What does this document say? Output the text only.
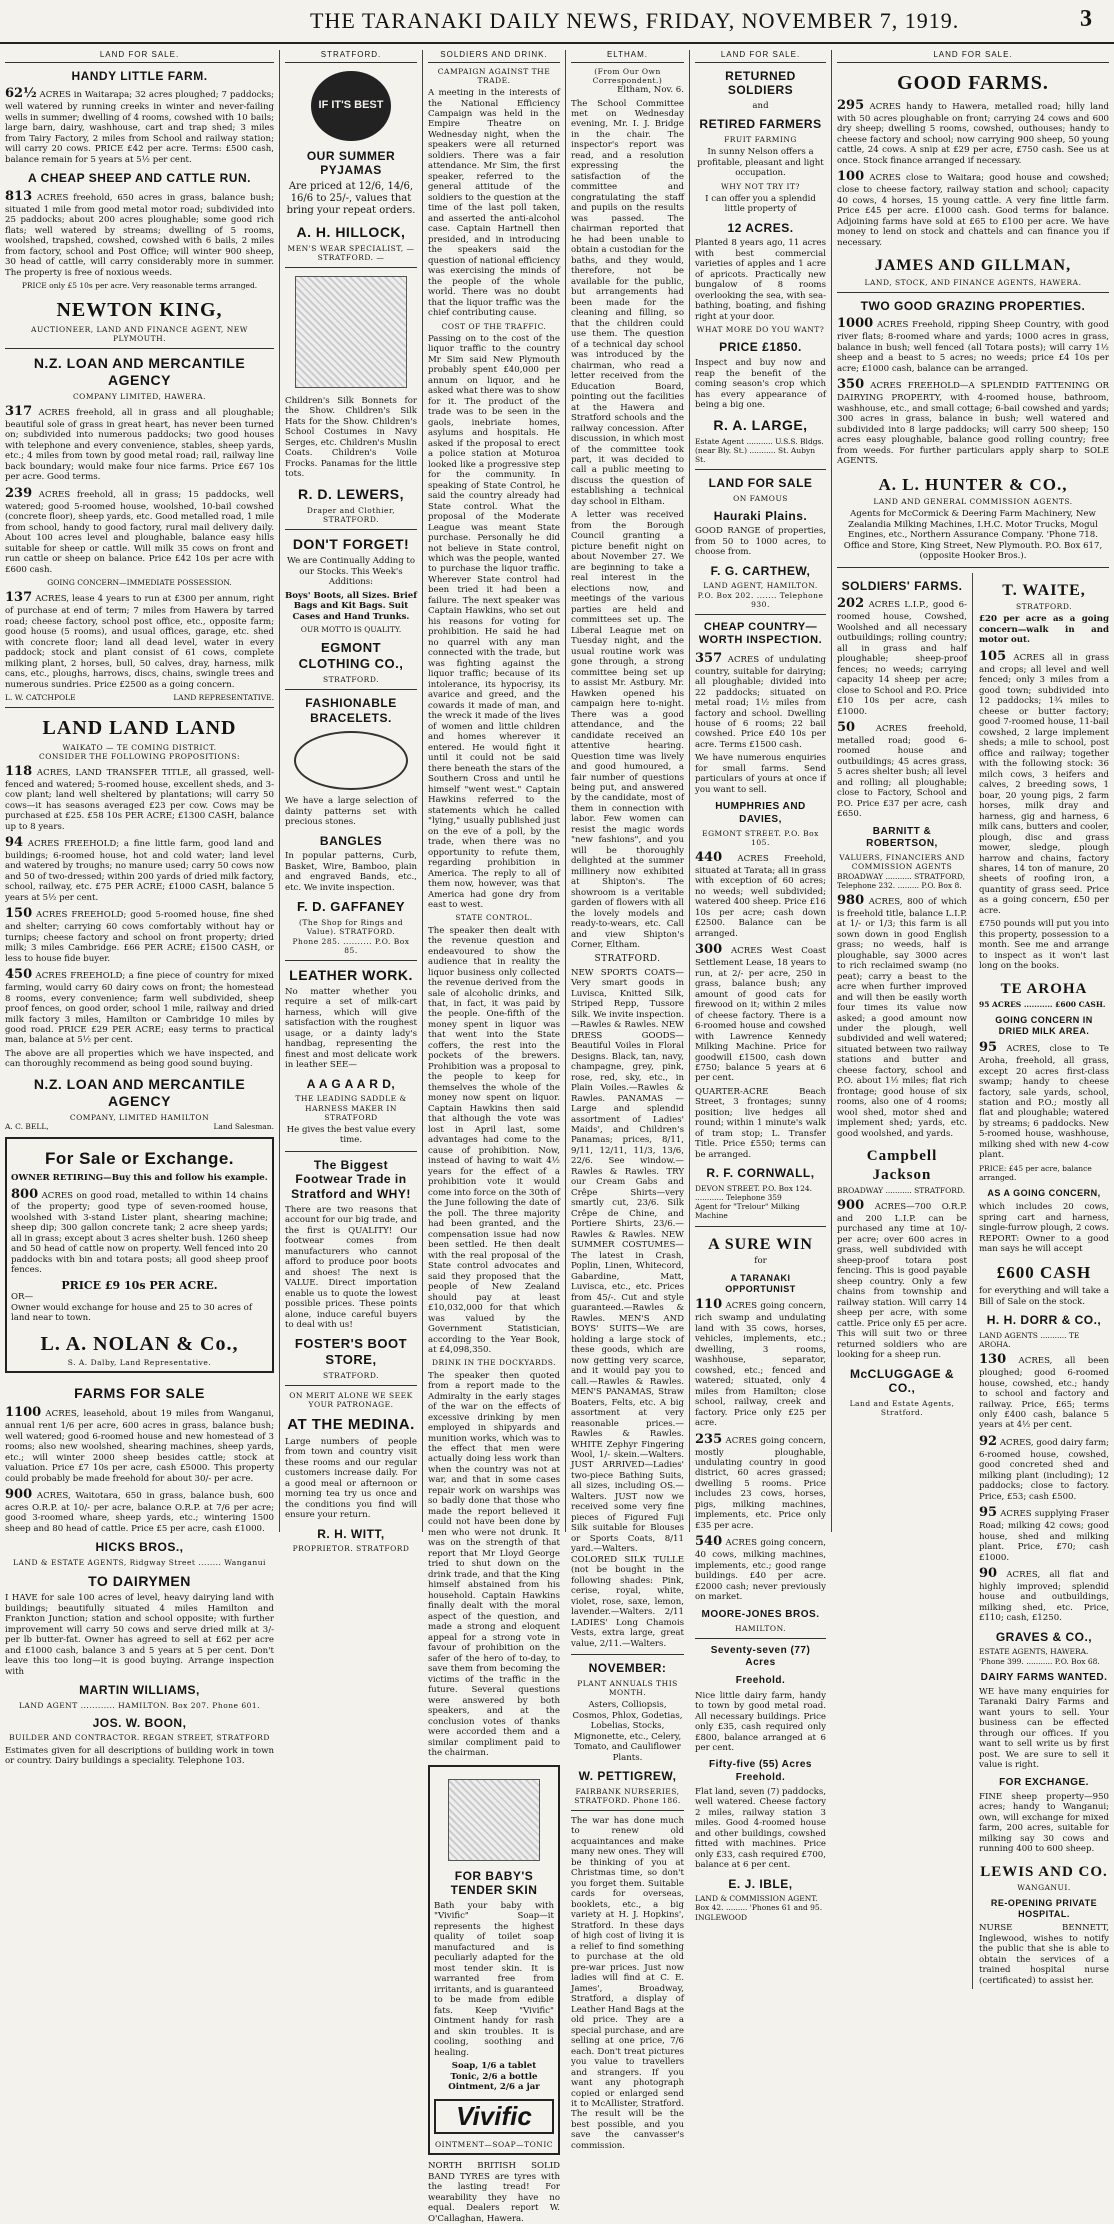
THE TARANAKI DAILY NEWS, FRIDAY, NOVEMBER 7, 1919.	3
LAND FOR SALE.
HANDY LITTLE FARM.
62½ ACRES in Waitarapa; 32 acres ploughed; 7 paddocks; well watered by running creeks in winter and never-failing wells in summer; dwelling of 4 rooms, cowshed with 10 bails; large barn, dairy, washhouse, cart and trap shed; 3 miles from Tairy Factory, 2 miles from School and railway station; will carry 20 cows. PRICE £42 per acre. Terms: £500 cash, balance remain for 5 years at 5½ per cent.
A CHEAP SHEEP AND CATTLE RUN.
813 ACRES freehold, 650 acres in grass, balance bush; situated 1 mile from good metal motor road; subdivided into 25 paddocks; about 200 acres ploughable; some good rich flats; well watered by streams; dwelling of 5 rooms, woolshed, trapshed, cowshed, cowshed with 6 bails, 2 miles from factory, school and Post Office; will winter 900 sheep, 30 head of cattle, will carry considerably more in summer. The property is free of noxious weeds.
PRICE only £5 10s per acre. Very reasonable terms arranged.
NEWTON KING,
AUCTIONEER, LAND AND FINANCE AGENT, NEW PLYMOUTH.
N.Z. LOAN AND MERCANTILE AGENCY
COMPANY LIMITED, HAWERA.
317 ACRES freehold, all in grass and all ploughable; beautiful sole of grass in great heart, has never been turned on; subdivided into numerous paddocks; two good houses with telephone and every convenience, stables, sheep yards, etc.; 4 miles from town by good metal road; rail, railway line back boundary; would make four nice farms. Price £67 10s per acre. Good terms.
239 ACRES freehold, all in grass; 15 paddocks, well watered; good 5-roomed house, woolshed, 10-bail cowshed (concrete floor), sheep yards, etc. Good metalled road, 1 mile from school, handy to good factory, rural mail delivery daily. About 100 acres level and ploughable, balance easy hills suitable for sheep or cattle. Will milk 35 cows on front and run cattle or sheep on balance. Price £42 10s per acre with £600 cash.
GOING CONCERN—IMMEDIATE POSSESSION.
137 ACRES, lease 4 years to run at £300 per annum, right of purchase at end of term; 7 miles from Hawera by tarred road; cheese factory, school post office, etc., opposite farm; good house (5 rooms), and usual offices, garage, etc. shed with concrete floor; land all dead level, water in every paddock; stock and plant consist of 61 cows, complete milking plant, 2 horses, bull, 50 calves, dray, harness, milk cans, etc., ploughs, harrows, discs, chains, swingle trees and numerous sundries. Price £2500 as a going concern.
L. W. CATCHPOLE	LAND REPRESENTATIVE.
LAND LAND LAND
WAIKATO — TE COMING DISTRICT.
CONSIDER THE FOLLOWING PROPOSITIONS:
118 ACRES, LAND TRANSFER TITLE, all grassed, well-fenced and watered; 5-roomed house, excellent sheds, and 3-cow plant; land well sheltered by plantations; will carry 50 cows—it has seasons averaged £23 per cow. Cows may be purchased at £25. £58 10s PER ACRE; £1300 CASH, balance up to 8 years.
94 ACRES FREEHOLD; a fine little farm, good land and buildings; 6-roomed house, hot and cold water; land level and watered by troughs; no manure used; carry 50 cows now and 50 of two-dressed; within 200 yards of dried milk factory, school, railway, etc. £75 PER ACRE; £1000 CASH, balance 5 years at 5½ per cent.
150 ACRES FREEHOLD; good 5-roomed house, fine shed and shelter; carrying 60 cows comfortably without hay or turnips; cheese factory and school on front property; dried milk; 3 miles Cambridge. £66 PER ACRE; £1500 CASH, or less to house fide buyer.
450 ACRES FREEHOLD; a fine piece of country for mixed farming, would carry 60 dairy cows on front; the homestead 8 rooms, every convenience; farm well subdivided, sheep proof fences, on good order, school 1 mile, railway and dried milk factory 3 miles, Hamilton or Cambridge 10 miles by good road. PRICE £29 PER ACRE; easy terms to practical man, balance at 5½ per cent.
The above are all properties which we have inspected, and can thoroughly recommend as being good sound buying.
N.Z. LOAN AND MERCANTILE AGENCY
COMPANY, LIMITED HAMILTON
A. C. BELL,	Land Salesman.
For Sale or Exchange.
OWNER RETIRING—Buy this and follow his example.
800 ACRES on good road, metalled to within 14 chains of the property; good type of seven-roomed house, woolshed with 3-stand Lister plant, shearing machine; sheep dip; 300 gallon concrete tank; 2 acre sheep yards; all in grass; except about 3 acres shelter bush. 1260 sheep and 50 head of cattle now on property. Well fenced into 20 paddocks with bin and totara posts; all good sheep proof fences.
PRICE £9 10s PER ACRE.
OR—
Owner would exchange for house and 25 to 30 acres of land near to town.
L. A. NOLAN & Co.,
S. A. Dalby, Land Representative.
FARMS FOR SALE
1100 ACRES, leasehold, about 19 miles from Wanganui, annual rent 1/6 per acre, 600 acres in grass, balance bush; well watered; good 6-roomed house and new homestead of 3 rooms; also new woolshed, shearing machines, sheep yards, etc.; will winter 2000 sheep besides cattle; stock at valuation. Price £7 10s per acre, cash £5000. This property could probably be made freehold for about 30/- per acre.
900 ACRES, Waitotara, 650 in grass, balance bush, 600 acres O.R.P. at 10/- per acre, balance O.R.P. at 7/6 per acre; good 3-roomed whare, sheep yards, etc.; wintering 1500 sheep and 80 head of cattle. Price £5 per acre, cash £1000.
HICKS BROS.,
LAND & ESTATE AGENTS, Ridgway Street ........ Wanganui
TO DAIRYMEN
I HAVE for sale 100 acres of level, heavy dairying land with buildings; beautifully situated 4 miles Hamilton and Frankton Junction; station and school opposite; with further improvement will carry 50 cows and serve dried milk at 3/- per lb butter-fat. Owner has agreed to sell at £62 per acre and £1000 cash, balance 3 and 5 years at 5 per cent. Don't leave this too long—it is good buying. Arrange inspection with
MARTIN WILLIAMS,
LAND AGENT ............ HAMILTON. Box 207. Phone 601.
JOS. W. BOON,
BUILDER AND CONTRACTOR. REGAN STREET, STRATFORD
Estimates given for all descriptions of building work in town or country. Dairy buildings a speciality. Telephone 103.
STRATFORD.
IF IT'S BEST
OUR SUMMER PYJAMAS
Are priced at 12/6, 14/6, 16/6 to 25/-, values that bring your repeat orders.
A. H. HILLOCK,
MEN'S WEAR SPECIALIST, — STRATFORD. —
Children's Silk Bonnets for the Show. Children's Silk Hats for the Show. Children's School Costumes in Navy Serges, etc. Children's Muslin Coats. Children's Voile Frocks. Panamas for the little tots.
R. D. LEWERS,
Draper and Clothier, STRATFORD.
DON'T FORGET!
We are Continually Adding to our Stocks. This Week's Additions:
Boys' Boots, all Sizes. Brief Bags and Kit Bags. Suit Cases and Hand Trunks.
OUR MOTTO IS QUALITY.
EGMONT CLOTHING CO.,
STRATFORD.
FASHIONABLE BRACELETS.
We have a large selection of dainty patterns set with precious stones.
BANGLES
In popular patterns, Curb, Basket, Wire, Bamboo, plain and engraved Bands, etc., etc. We invite inspection.
F. D. GAFFANEY
(The Shop for Rings and Value). STRATFORD.
Phone 285. .......... P.O. Box 85.
LEATHER WORK.
No matter whether you require a set of milk-cart harness, which will give satisfaction with the roughest usage, or a dainty lady's handbag, representing the finest and most delicate work in leather SEE—
A A G A A R D,
THE LEADING SADDLE & HARNESS MAKER IN STRATFORD
He gives the best value every time.
The Biggest Footwear Trade in Stratford and WHY!
There are two reasons that account for our big trade, and the first is QUALITY! Our footwear comes from manufacturers who cannot afford to produce poor boots and shoes! The next is VALUE. Direct importation enable us to quote the lowest possible prices. These points alone, induce careful buyers to deal with us!
FOSTER'S BOOT STORE,
STRATFORD.
ON MERIT ALONE WE SEEK YOUR PATRONAGE.
AT THE MEDINA.
Large numbers of people from town and country visit these rooms and our regular customers increase daily. For a good meal or afternoon or morning tea try us once and the conditions you find will ensure your return.
R. H. WITT,
PROPRIETOR. STRATFORD
SOLDIERS AND DRINK.
CAMPAIGN AGAINST THE TRADE.
A meeting in the interests of the National Efficiency Campaign was held in the Empire Theatre on Wednesday night, when the speakers were all returned soldiers. There was a fair attendance. Mr Sim, the first speaker, referred to the general attitude of the soldiers to the question at the time of the last poll taken, and asserted the anti-alcohol case. Captain Hartnell then presided, and in introducing the speakers said the question of national efficiency was exercising the minds of the people of the whole world. There was no doubt that the liquor traffic was the chief contributing cause.
COST OF THE TRAFFIC.
Passing on to the cost of the liquor traffic to the country Mr Sim said New Plymouth probably spent £40,000 per annum on liquor, and he asked what there was to show for it. The product of the trade was to be seen in the gaols, inebriate homes, asylums and hospitals. He asked if the proposal to erect a police station at Moturoa looked like a progressive step for the community. In speaking of State Control, he said the country already had State control. What the proposal of the Moderate League was meant State purchase. Personally he did not believe in State control, which was the people, wanted to purchase the liquor traffic. Wherever State control had been tried it had been a failure. The next speaker was Captain Hawkins, who set out his reasons for voting for prohibition. He said he had no quarrel with any man connected with the trade, but was fighting against the liquor traffic; because of its intolerance, its hypocrisy, its avarice and greed, and the cowards it made of man, and the wreck it made of the lives of women and little children and homes wherever it entered. He would fight it until it could not be said there beneath the stars of the Southern Cross and until he himself "went west." Captain Hawkins referred to the statements which he called "lying," usually published just on the eve of a poll, by the trade, when there was no opportunity to refute them, regarding prohibition in America. The reply to all of them now, however, was that America had gone dry from east to west.
STATE CONTROL.
The speaker then dealt with the revenue question and endeavoured to show the audience that in reality the liquor business only collected the revenue derived from the sale of alcoholic drinks, and that, in fact, it was paid by the people. One-fifth of the money spent in liquor was that went into the State coffers, the rest into the pockets of the brewers. Prohibition was a proposal to the people to keep for themselves the whole of the money now spent on liquor. Captain Hawkins then said that although the vote was lost in April last, some advantages had come to the cause of prohibition. Now, instead of having to wait 4½ years for the effect of a prohibition vote it would come into force on the 30th of the June following the date of the poll. The three majority had been granted, and the compensation issue had now been settled. He then dealt with the real proposal of the State control advocates and said they proposed that the people of New Zealand should pay at least £10,032,000 for that which was valued by the Government Statistician, according to the Year Book, at £4,098,350.
DRINK IN THE DOCKYARDS.
The speaker then quoted from a report made to the Admiralty in the early stages of the war on the effects of excessive drinking by men employed in shipyards and munition works, which was to the effect that men were actually doing less work than when the country was not at war, and that in some cases repair work on warships was so badly done that those who made the report believed it could not have been done by men who were not drunk. It was on the strength of that report that Mr Lloyd George tried to shut down on the drink trade, and that the King himself abstained from his household. Captain Hawkins finally dealt with the moral aspect of the question, and made a strong and eloquent appeal for a strong vote in favour of prohibition on the safer of the hero of to-day, to save them from becoming the victims of the traffic in the future. Several questions were answered by both speakers, and at the conclusion votes of thanks were accorded them and a similar compliment paid to the chairman.
FOR BABY'S TENDER SKIN
Bath your baby with "Vivific" Soap—it represents the highest quality of toilet soap manufactured and is peculiarly adapted for the most tender skin. It is warranted free from irritants, and is guaranteed to be made from edible fats. Keep "Vivific" Ointment handy for rash and skin troubles. It is cooling, soothing and healing.
Soap, 1/6 a tablet
Tonic, 2/6 a bottle
Ointment, 2/6 a jar
Vivific
OINTMENT—SOAP—TONIC
NORTH BRITISH SOLID BAND TYRES are tyres with the lasting tread! For wearability they have no equal. Dealers report W. O'Callaghan, Hawera.
ELTHAM.
(From Our Own Correspondent.)
Eltham, Nov. 6.
The School Committee met on Wednesday evening, Mr. I. J. Bridge in the chair. The inspector's report was read, and a resolution expressing the satisfaction of the committee and congratulating the staff and pupils on the results was passed. The chairman reported that he had been unable to obtain a custodian for the baths, and they would, therefore, not be available for the public, but arrangements had been made for the cleaning and filling, so that the children could use them. The question of a technical day school was introduced by the chairman, who read a letter received from the Education Board, pointing out the facilities at the Hawera and Stratford schools and the railway concession. After discussion, in which most of the committee took part, it was decided to call a public meeting to discuss the question of establishing a technical day school in Eltham.
A letter was received from the Borough Council granting a picture benefit night on about November 27. We are beginning to take a real interest in the elections now, and meetings of the various parties are held and committees set up. The Liberal League met on Tuesday night, and the usual routine work was gone through, a strong committee being set up to assist Mr. Astbury. Mr. Hawken opened his campaign here to-night. There was a good attendance, and the candidate received an attentive hearing. Question time was lively and good humoured, a fair number of questions being put, and answered by the candidate, most of them in connection with labor. Few women can resist the magic words "new fashions", and you will be thoroughly delighted at the summer millinery now exhibited at Shipton's. The showroom is a veritable garden of flowers with all the lovely models and ready-to-wears, etc. Call and view Shipton's Corner, Eltham.
STRATFORD.
NEW SPORTS COATS—Very smart goods in Luvisca, Knitted Silk, Striped Repp, Tussore Silk. We invite inspection.—Rawles & Rawles. NEW DRESS GOODS—Beautiful Voiles in Floral Designs. Black, tan, navy, champagne, grey, pink, rose, red, sky, etc., in Plain Voiles.—Rawles & Rawles. PANAMAS — Large and splendid assortment of Ladies' Maids', and Children's Panamas; prices, 8/11, 9/11, 12/11, 11/3, 13/6, 22/6. See window.—Rawles & Rawles. TRY our Cream Gabs and Crêpe Shirts—very smartly cut, 23/6. Silk Crêpe de Chine, and Portiere Shirts, 23/6.—Rawles & Rawles. NEW SUMMER COSTUMES—The latest in Crash, Poplin, Linen, Whitecord, Gabardine, Matt, Luvisca, etc., etc. Prices from 45/-. Cut and style guaranteed.—Rawles & Rawles. MEN'S AND BOYS' SUITS—We are holding a large stock of these goods, which are now getting very scarce, and it would pay you to call.—Rawles & Rawles. MEN'S PANAMAS, Straw Boaters, Felts, etc. A big assortment at very reasonable prices.—Rawles & Rawles. WHITE Zephyr Fingering Wool, 1/- skein.—Walters. JUST ARRIVED—Ladies' two-piece Bathing Suits, all sizes, including OS.—Walters. JUST now we received some very fine pieces of Figured Fuji Silk suitable for Blouses or Sports Coats, 8/11 yard.—Walters. COLORED SILK TULLE (not be bought in the following shades: Pink, cerise, royal, white, violet, rose, saxe, lemon, lavender.—Walters. 2/11 LADIES' Long Chamois Vests, extra large, great value, 2/11.—Walters.
NOVEMBER:
PLANT ANNUALS THIS MONTH.
Asters, Colliopsis, Cosmos, Phlox, Godetias, Lobelias, Stocks, Mignonette, etc., Celery, Tomato, and Cauliflower Plants.
W. PETTIGREW,
FAIRBANK NURSERIES, STRATFORD. Phone 186.
The war has done much to renew old acquaintances and make many new ones. They will be thinking of you at Christmas time, so don't you forget them. Suitable cards for overseas, booklets, etc., a big variety at H. J. Hopkins', Stratford. In these days of high cost of living it is a relief to find something to purchase at the old pre-war prices. Just now ladies will find at C. E. James', Broadway, Stratford, a display of Leather Hand Bags at the old price. They are a special purchase, and are selling at one price, 7/6 each. Don't treat pictures you value to travellers and strangers. If you want any photograph copied or enlarged send it to McAllister, Stratford. The result will be the best possible, and you save the canvasser's commission.
LAND FOR SALE.
RETURNED SOLDIERS
and
RETIRED FARMERS
FRUIT FARMING
In sunny Nelson offers a profitable, pleasant and light occupation.
WHY NOT TRY IT?
I can offer you a splendid little property of
12 ACRES.
Planted 8 years ago, 11 acres with best commercial varieties of apples and 1 acre of apricots. Practically new bungalow of 8 rooms overlooking the sea, with sea-bathing, boating, and fishing right at your door.
WHAT MORE DO YOU WANT?
PRICE £1850.
Inspect and buy now and reap the benefit of the coming season's crop which has every appearance of being a big one.
R. A. LARGE,
Estate Agent ........... U.S.S. Bldgs. (near Bly. St.) ........... St. Aubyn St.
LAND FOR SALE
ON FAMOUS
Hauraki Plains.
GOOD RANGE of properties, from 50 to 1000 acres, to choose from.
F. G. CARTHEW,
LAND AGENT, HAMILTON. P.O. Box 202. ....... Telephone 930.
CHEAP COUNTRY—WORTH INSPECTION.
357 ACRES of undulating country, suitable for dairying; all ploughable; divided into 22 paddocks; situated on metal road; 1½ miles from factory and school. Dwelling house of 6 rooms; 22 bail cowshed. Price £40 10s per acre. Terms £1500 cash.
We have numerous enquiries for small farms. Send particulars of yours at once if you want to sell.
HUMPHRIES AND DAVIES,
EGMONT STREET. P.O. Box 105.
440 ACRES Freehold, situated at Tarata; all in grass with exception of 60 acres; no weeds; well subdivided; watered 400 sheep. Price £16 10s per acre; cash down £2500. Balance can be arranged.
300 ACRES West Coast Settlement Lease, 18 years to run, at 2/- per acre, 250 in grass, balance bush; any amount of good cats for firewood on it; within 2 miles of cheese factory. There is a 6-roomed house and cowshed with Lawrence Kennedy Milking Machine. Price for goodwill £1500, cash down £750; balance 5 years at 6 per cent.
QUARTER-ACRE Beach Street, 3 frontages; sunny position; live hedges all round; within 1 minute's walk of tram stop; L. Transfer Title. Price £550; terms can be arranged.
R. F. CORNWALL,
DEVON STREET. P.O. Box 124. ............ Telephone 359
Agent for "Trelour" Milking Machine
A SURE WIN
for
A TARANAKI OPPORTUNIST
110 ACRES going concern, rich swamp and undulating land with 35 cows, horses, vehicles, implements, etc.; dwelling, 3 rooms, washhouse, separator, cowshed, etc.; fenced and watered; situated, only 4 miles from Hamilton; close school, railway, creek and factory. Price only £25 per acre.
235 ACRES going concern, mostly ploughable, undulating country in good district, 60 acres grassed; dwelling 5 rooms. Price includes 23 cows, horses, pigs, milking machines, implements, etc. Price only £35 per acre.
540 ACRES going concern, 40 cows, milking machines, implements, etc.; good range buildings. £40 per acre. £2000 cash; never previously on market.
MOORE-JONES BROS.
HAMILTON.
Seventy-seven (77) Acres
Freehold.
Nice little dairy farm, handy to town by good metal road. All necessary buildings. Price only £35, cash required only £800, balance arranged at 6 per cent.
Fifty-five (55) Acres Freehold.
Flat land, seven (7) paddocks, well watered. Cheese factory 2 miles, railway station 3 miles. Good 4-roomed house and other buildings, cowshed fitted with machines. Price only £33, cash required £700, balance at 6 per cent.
E. J. IBLE,
LAND & COMMISSION AGENT. Box 42. ......... 'Phones 61 and 95. INGLEWOOD
LAND FOR SALE.
GOOD FARMS.
295 ACRES handy to Hawera, metalled road; hilly land with 50 acres ploughable on front; carrying 24 cows and 600 dry sheep; dwelling 5 rooms, cowshed, outhouses; handy to cheese factory and school; now carrying 900 sheep, 50 young cattle, 24 cows. A snip at £29 per acre, £750 cash. See us at once. Stock finance arranged if necessary.
100 ACRES close to Waitara; good house and cowshed; close to cheese factory, railway station and school; capacity 40 cows, 4 horses, 15 young cattle. A very fine little farm. Price £45 per acre. £1000 cash. Good terms for balance. Adjoining farms have sold at £65 to £100 per acre. We have money to lend on stock and chattels and can finance you if necessary.
JAMES AND GILLMAN,
LAND, STOCK, AND FINANCE AGENTS, HAWERA.
TWO GOOD GRAZING PROPERTIES.
1000 ACRES Freehold, ripping Sheep Country, with good river flats; 8-roomed whare and yards; 1000 acres in grass, balance in bush; well fenced (all Totara posts); will carry 1½ sheep and a beast to 5 acres; no weeds; price £4 10s per acre; £1000 cash, balance can be arranged.
350 ACRES FREEHOLD—A SPLENDID FATTENING OR DAIRYING PROPERTY, with 4-roomed house, bathroom, washhouse, etc., and small cottage; 6-bail cowshed and yards; 300 acres in grass, balance in bush; well watered and subdivided into 8 large paddocks; will carry 500 sheep; 150 acres easy ploughable, balance good rolling country; free from weeds. For further particulars apply sharp to SOLE AGENTS.
A. L. HUNTER & CO.,
LAND AND GENERAL COMMISSION AGENTS.
Agents for McCormick & Deering Farm Machinery, New Zealandia Milking Machines, I.H.C. Motor Trucks, Mogul Engines, etc., Northern Assurance Company. 'Phone 718. Office and Store, King Street, New Plymouth. P.O. Box 617, (opposite Hooker Bros.).
SOLDIERS' FARMS.
202 ACRES L.I.P., good 6-roomed house, Cowshed, Woolshed and all necessary outbuildings; rolling country; all in grass and half ploughable; sheep-proof fences; no weeds; carrying capacity 14 sheep per acre; close to School and P.O. Price £10 10s per acre, cash £1000.
50 ACRES freehold, metalled road; good 6-roomed house and outbuildings; 45 acres grass, 5 acres shelter bush; all level and rolling; all ploughable; close to Factory, School and P.O. Price £37 per acre, cash £650.
BARNITT & ROBERTSON,
VALUERS, FINANCIERS AND COMMISSION AGENTS
BROADWAY ........... STRATFORD, Telephone 232. ......... P.O. Box 8.
980 ACRES, 800 of which is freehold title, balance L.I.P. at 1/- or 1/3; this farm is all sown down in good English grass; no weeds, half is ploughable, say 3000 acres to rich reclaimed swamp (no peat); carry a beast to the acre when further improved and will then be easily worth four times its value now asked; a good amount now under the plough, well subdivided and well watered; situated between two railway stations and butter and cheese factory, school and P.O. about 1½ miles; flat rich frontage; good house of six rooms, also one of 4 rooms; wool shed, motor shed and implement shed; yards, etc. good woolshed, and yards.
Campbell Jackson
BROADWAY ........... STRATFORD.
900 ACRES—700 O.R.P. and 200 L.I.P. can be purchased any time at 10/- per acre; over 600 acres in grass, well subdivided with sheep-proof totara post fencing. This is good payable sheep country. Only a few chains from township and railway station. Will carry 14 sheep per acre, with some cattle. Price only £5 per acre. This will suit two or three returned soldiers who are looking for a sheep run.
McCLUGGAGE & CO.,
Land and Estate Agents, Stratford.
T. WAITE,
STRATFORD.
£20 per acre as a going concern—walk in and motor out.
105 ACRES all in grass and crops; all level and well fenced; only 3 miles from a good town; subdivided into 12 paddocks; 1¾ miles to cheese or butter factory; good 7-roomed house, 11-bail cowshed, 2 large implement sheds; a mile to school, post office and railway; together with the following stock: 36 milch cows, 3 heifers and calves, 2 breeding sows, 1 boar, 20 young pigs, 2 farm horses, milk dray and harness, gig and harness, 6 milk cans, butters and cooler, plough, disc and grass mower, sledge, plough harrow and chains, factory shares, 14 ton of manure, 20 sheets of roofing iron, a quantity of grass seed. Price as a going concern, £50 per acre.
£750 pounds will put you into this property, possession to a month. See me and arrange to inspect as it won't last long on the books.
TE AROHA
95 ACRES ........... £600 CASH.
GOING CONCERN IN DRIED MILK AREA.
95 ACRES, close to Te Aroha, freehold, all grass, except 20 acres first-class swamp; handy to cheese factory, sale yards, school, station and P.O.; mostly all flat and ploughable; watered by streams; 6 paddocks. New 5-roomed house, washhouse, milking shed with new 4-cow plant.
PRICE: £45 per acre, balance arranged.
AS A GOING CONCERN,
which includes 20 cows, spring cart and harness, single-furrow plough, 2 cows. REPORT: Owner to a good man says he will accept
£600 CASH
for everything and will take a Bill of Sale on the stock.
H. H. DORR & CO.,
LAND AGENTS ........... TE AROHA.
130 ACRES, all been ploughed; good 6-roomed house, cowshed, etc.; handy to school and factory and railway. Price, £65; terms only £400 cash, balance 5 years at 4½ per cent.
92 ACRES, good dairy farm; 6-roomed house, cowshed, good concreted shed and milking plant (including); 12 paddocks; close to factory. Price, £53; cash £500.
95 ACRES supplying Fraser Road; milking 42 cows; good house, shed and milking plant. Price, £70; cash £1000.
90 ACRES, all flat and highly improved; splendid house and outbuildings, milking shed, etc. Price, £110; cash, £1250.
GRAVES & CO.,
ESTATE AGENTS, HAWERA. 'Phone 399. ........... P.O. Box 68.
DAIRY FARMS WANTED.
WE have many enquiries for Taranaki Dairy Farms and want yours to sell. Your business can be effected through our offices. If you want to sell write us by first post. We are sure to sell it value is right.
FOR EXCHANGE.
FINE sheep property—950 acres; handy to Wanganui; own, will exchange for mixed farm, 200 acres, suitable for milking say 30 cows and running 400 to 600 sheep.
LEWIS AND CO.
WANGANUI.
RE-OPENING PRIVATE HOSPITAL.
NURSE BENNETT, Inglewood, wishes to notify the public that she is able to obtain the services of a trained hospital nurse (certificated) to assist her.
